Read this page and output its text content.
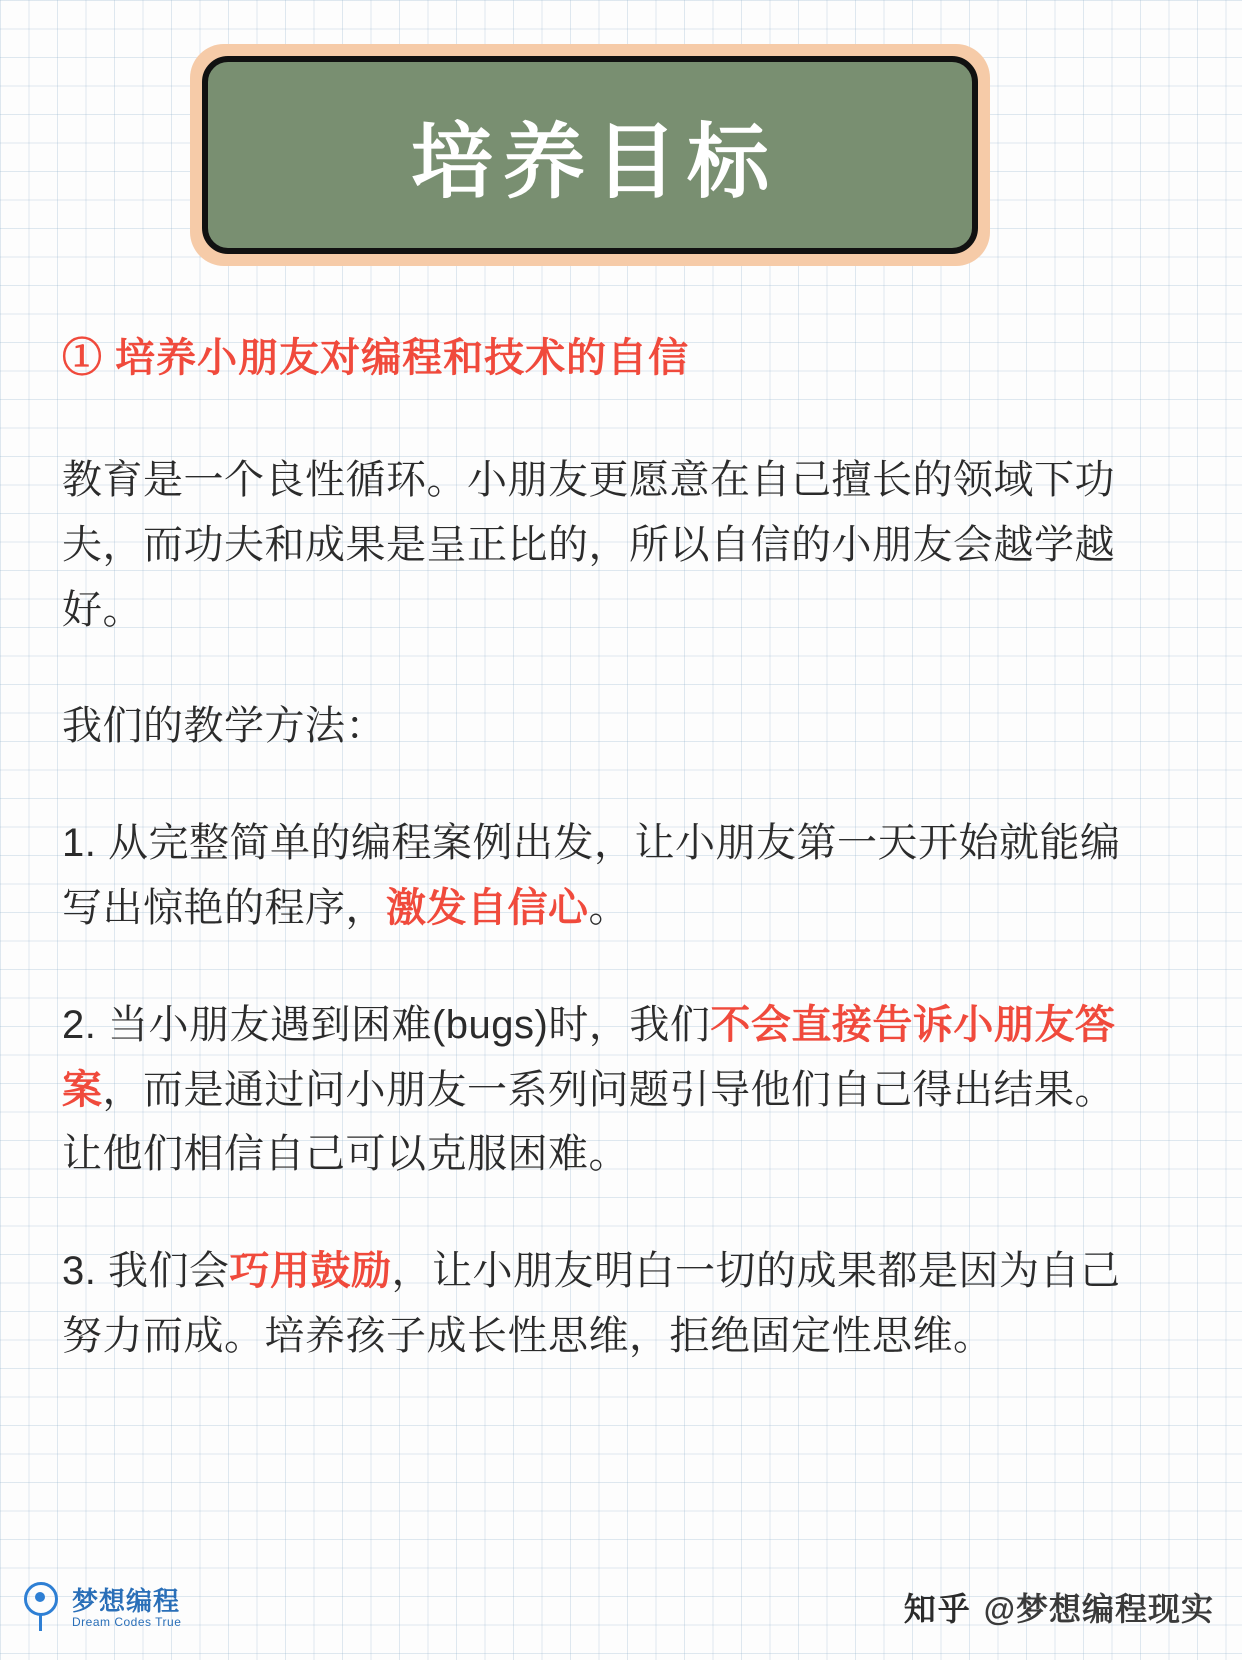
培养目标

① 培养小朋友对编程和技术的自信

教育是一个良性循环。小朋友更愿意在自己擅长的领域下功夫，而功夫和成果是呈正比的，所以自信的小朋友会越学越好。

我们的教学方法：

1. 从完整简单的编程案例出发，让小朋友第一天开始就能编写出惊艳的程序，激发自信心。

2. 当小朋友遇到困难(bugs)时，我们不会直接告诉小朋友答案，而是通过问小朋友一系列问题引导他们自己得出结果。让他们相信自己可以克服困难。

3. 我们会巧用鼓励，让小朋友明白一切的成果都是因为自己努力而成。培养孩子成长性思维，拒绝固定性思维。

梦想编程
Dream Codes True	知乎 @梦想编程现实
